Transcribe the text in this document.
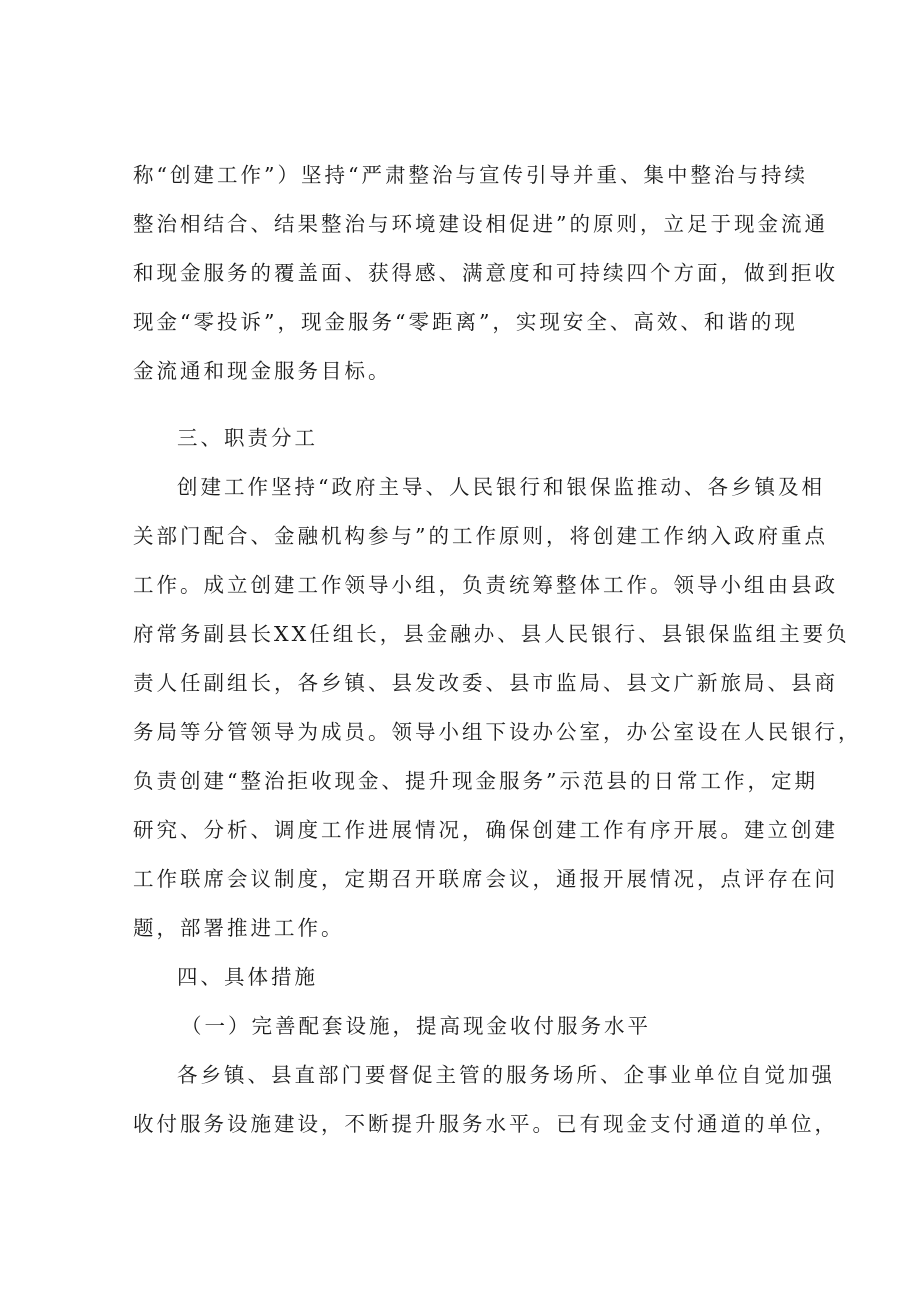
称“创建工作”）坚持“严肃整治与宣传引导并重、集中整治与持续
整治相结合、结果整治与环境建设相促进”的原则，立足于现金流通
和现金服务的覆盖面、获得感、满意度和可持续四个方面，做到拒收
现金“零投诉”，现金服务“零距离”，实现安全、高效、和谐的现
金流通和现金服务目标。
三、职责分工
创建工作坚持“政府主导、人民银行和银保监推动、各乡镇及相
关部门配合、金融机构参与”的工作原则，将创建工作纳入政府重点
工作。成立创建工作领导小组，负责统筹整体工作。领导小组由县政
府常务副县长XX任组长，县金融办、县人民银行、县银保监组主要负
责人任副组长，各乡镇、县发改委、县市监局、县文广新旅局、县商
务局等分管领导为成员。领导小组下设办公室，办公室设在人民银行，
负责创建“整治拒收现金、提升现金服务”示范县的日常工作，定期
研究、分析、调度工作进展情况，确保创建工作有序开展。建立创建
工作联席会议制度，定期召开联席会议，通报开展情况，点评存在问
题，部署推进工作。
四、具体措施
（一）完善配套设施，提高现金收付服务水平
各乡镇、县直部门要督促主管的服务场所、企事业单位自觉加强
收付服务设施建设，不断提升服务水平。已有现金支付通道的单位，
